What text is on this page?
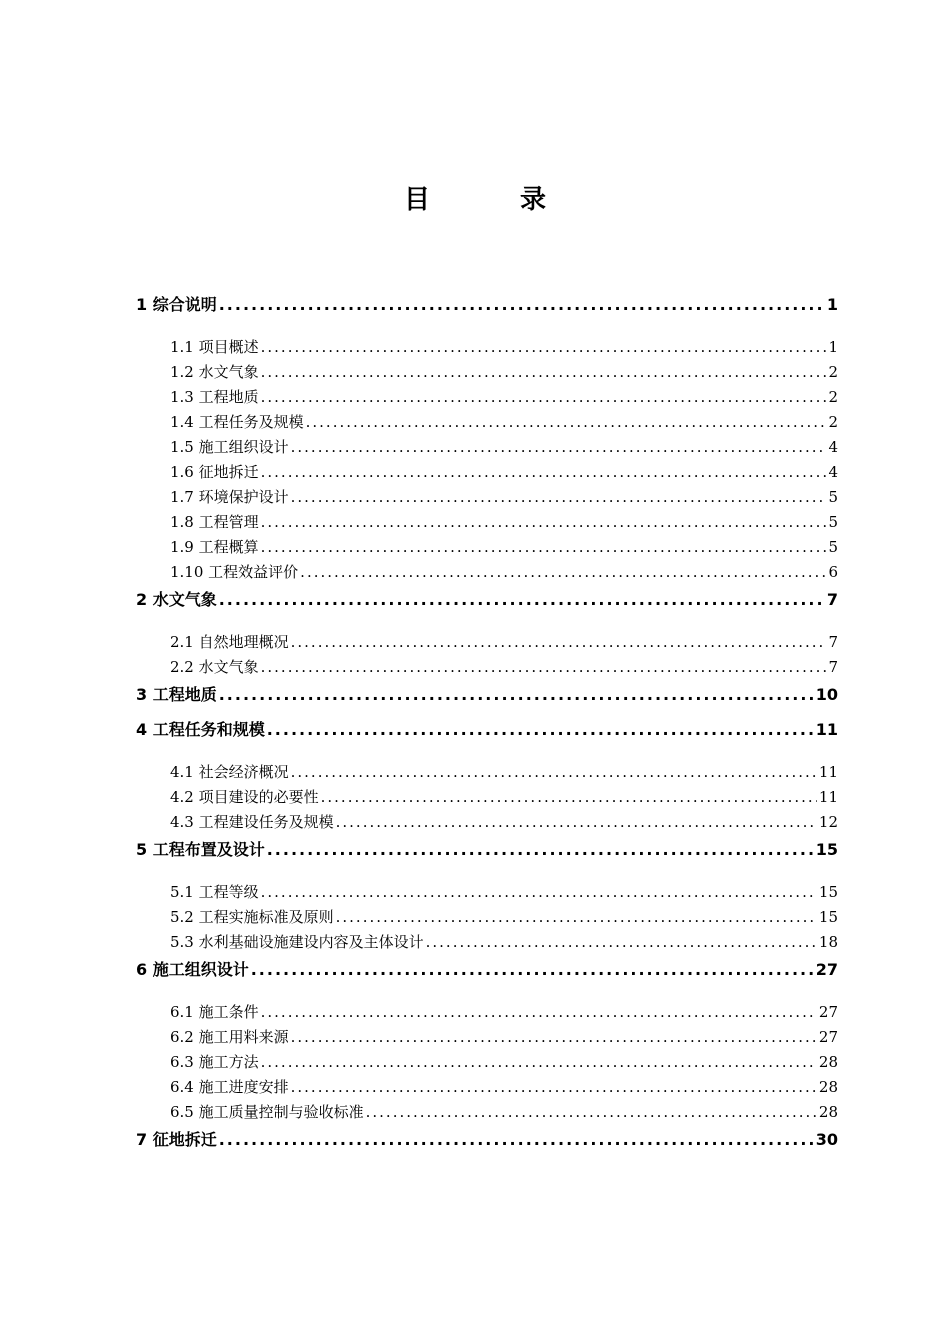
目	录
1 综合说明 .....	1
1.1 项目概述 .....	1
1.2 水文气象 .....	2
1.3 工程地质 .....	2
1.4 工程任务及规模 .....	2
1.5 施工组织设计 .....	4
1.6 征地拆迁 .....	4
1.7 环境保护设计 .....	5
1.8 工程管理 .....	5
1.9 工程概算 .....	5
1.10 工程效益评价 .....	6
2 水文气象 .....	7
2.1 自然地理概况 .....	7
2.2 水文气象 .....	7
3 工程地质 .....	10
4 工程任务和规模 .....	11
4.1 社会经济概况 .....	11
4.2 项目建设的必要性 .....	11
4.3 工程建设任务及规模 .....	12
5 工程布置及设计 .....	15
5.1 工程等级 .....	15
5.2 工程实施标准及原则 .....	15
5.3 水利基础设施建设内容及主体设计 .....	18
6 施工组织设计 .....	27
6.1 施工条件 .....	27
6.2 施工用料来源 .....	27
6.3 施工方法 .....	28
6.4 施工进度安排 .....	28
6.5 施工质量控制与验收标准 .....	28
7 征地拆迁 .....	30
